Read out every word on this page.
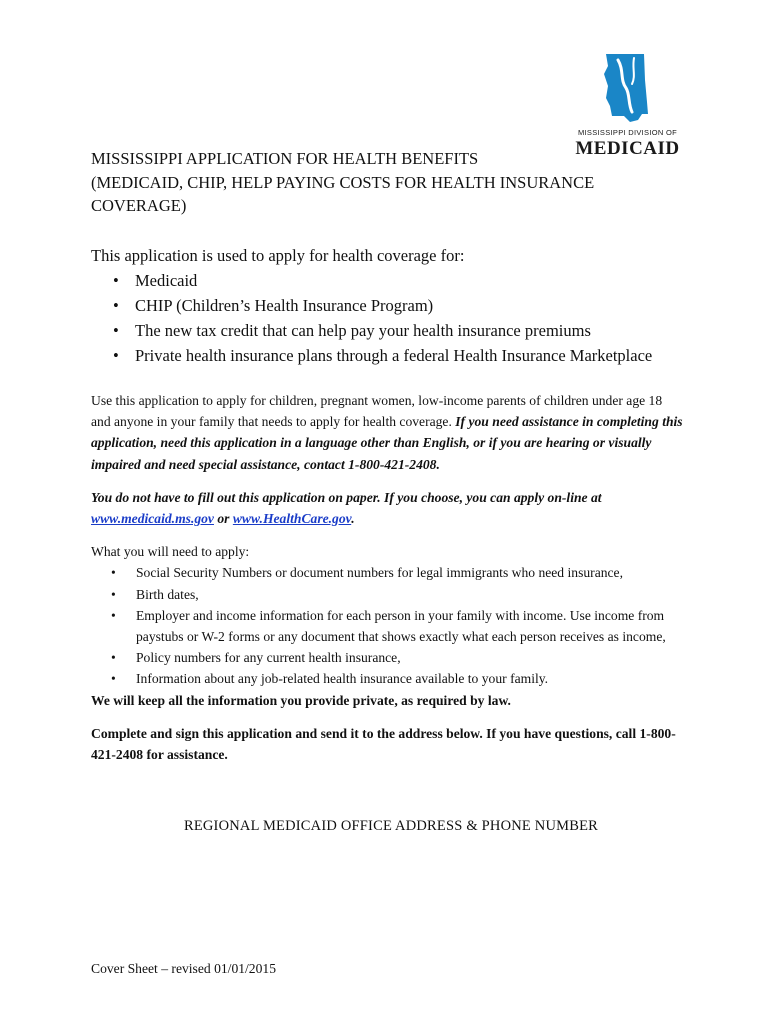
MISSISSIPPI DIVISION OF
MEDICAID
MISSISSIPPI APPLICATION FOR HEALTH BENEFITS
(MEDICAID, CHIP, HELP PAYING COSTS FOR HEALTH INSURANCE
COVERAGE)
This application is used to apply for health coverage for:
• Medicaid
• CHIP (Children’s Health Insurance Program)
• The new tax credit that can help pay your health insurance premiums
• Private health insurance plans through a federal Health Insurance Marketplace

Use this application to apply for children, pregnant women, low-income parents of children under age 18 and anyone in your family that needs to apply for health coverage. If you need assistance in completing this application, need this application in a language other than English, or if you are hearing or visually impaired and need special assistance, contact 1-800-421-2408.

You do not have to fill out this application on paper. If you choose, you can apply on-line at www.medicaid.ms.gov or www.HealthCare.gov.

What you will need to apply:

• Social Security Numbers or document numbers for legal immigrants who need insurance,
• Birth dates,
• Employer and income information for each person in your family with income. Use income from paystubs or W-2 forms or any document that shows exactly what each person receives as income,
• Policy numbers for any current health insurance,
• Information about any job-related health insurance available to your family.

We will keep all the information you provide private, as required by law.

Complete and sign this application and send it to the address below. If you have questions, call 1-800-421-2408 for assistance.

REGIONAL MEDICAID OFFICE ADDRESS & PHONE NUMBER
Cover Sheet – revised 01/01/2015
